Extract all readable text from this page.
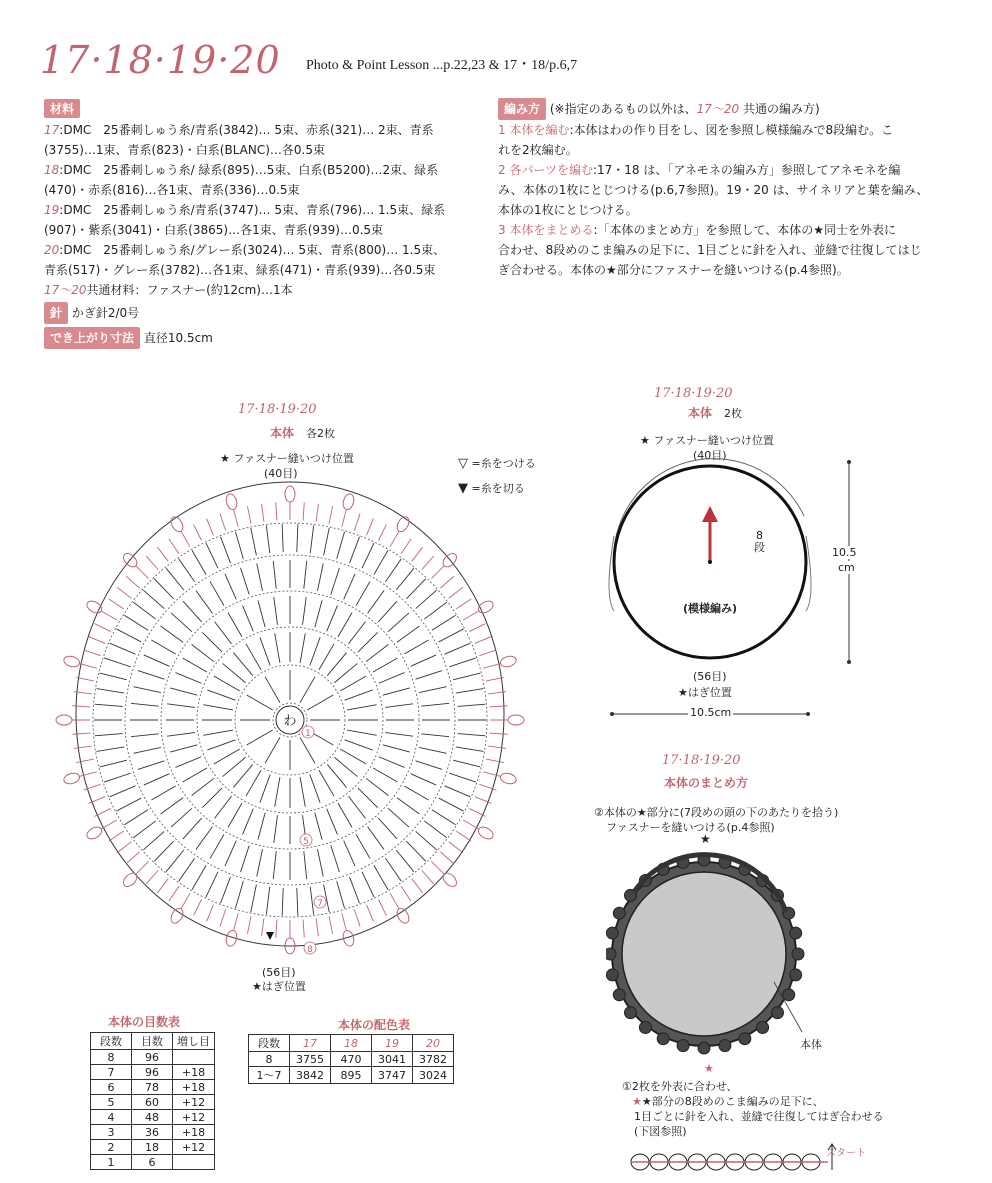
17·18·19·20 Photo & Point Lesson ...p.22,23 & 17・18/p.6,7
材料
17:DMC　25番刺しゅう糸/青系(3842)… 5束、赤系(321)… 2束、青系
(3755)…1束、青系(823)・白系(BLANC)…各0.5束
18:DMC　25番刺しゅう糸/ 緑系(895)…5束、白系(B5200)…2束、緑系
(470)・赤系(816)…各1束、青系(336)…0.5束
19:DMC　25番刺しゅう糸/青系(3747)… 5束、青系(796)… 1.5束、緑系
(907)・紫系(3041)・白系(3865)…各1束、青系(939)…0.5束
20:DMC　25番刺しゅう糸/グレー系(3024)… 5束、青系(800)… 1.5束、
青系(517)・グレー系(3782)…各1束、緑系(471)・青系(939)…各0.5束
17～20共通材料：ファスナー(約12cm)…1本
針 かぎ針2/0号
でき上がり寸法 直径10.5cm
編み方 (※指定のあるもの以外は、17～20 共通の編み方)
1 本体を編む:本体はわの作り目をし、図を参照し模様編みで8段編む。こ
れを2枚編む。
2 各パーツを編む:17・18 は、「アネモネの編み方」参照してアネモネを編
み、本体の1枚にとじつける(p.6,7参照)。19・20 は、サイネリアと葉を編み、
本体の1枚にとじつける。
3 本体をまとめる:「本体のまとめ方」を参照して、本体の★同士を外表に
合わせ、8段めのこま編みの足下に、1目ごとに針を入れ、並縫で往復してはじ
ぎ合わせる。本体の★部分にファスナーを縫いつける(p.4参照)。
17·18·19·20
本体 各2枚
★ ファスナー縫いつけ位置
(40目)
わ
1
5
7
8
(56目)
★はぎ位置
▽ =糸をつける
▼ =糸を切る
17·18·19·20
本体 2枚
★ ファスナー縫いつけ位置
(40目)
10.5
cm
8
段
(模様編み)
(56目)
★はぎ位置
10.5cm
17·18·19·20
本体のまとめ方
②本体の★部分に(7段めの頭の下のあたりを拾う)
ファスナーを縫いつける(p.4参照)
★
本体
★
①2枚を外表に合わせ、
★★部分の8段めのこま編みの足下に、
1目ごとに針を入れ、並縫で往復してはぎ合わせる
(下図参照)
スタート
本体の目数表
段数	目数	増し目
8	96	
7	96	+18
6	78	+18
5	60	+12
4	48	+12
3	36	+18
2	18	+12
1	6	
本体の配色表
段数	17	18	19	20
8	3755	470	3041	3782
1～7	3842	895	3747	3024
